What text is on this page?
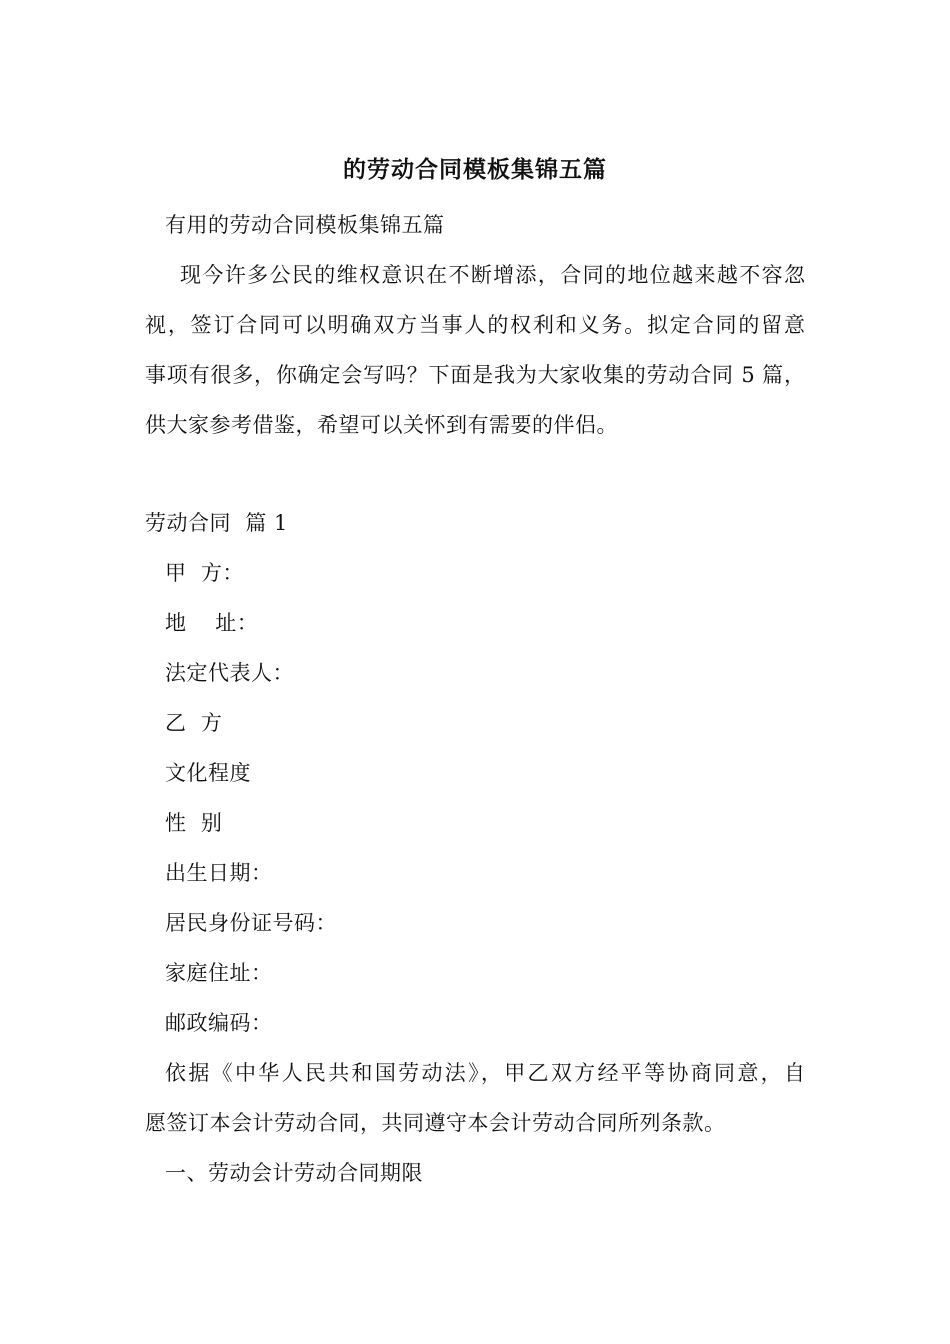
的劳动合同模板集锦五篇
有用的劳动合同模板集锦五篇
现今许多公民的维权意识在不断增添，合同的地位越来越不容忽
视，签订合同可以明确双方当事人的权利和义务。拟定合同的留意
事项有很多，你确定会写吗？下面是我为大家收集的劳动合同 5 篇，
供大家参考借鉴，希望可以关怀到有需要的伴侣。
劳动合同  篇 1
甲  方：
地    址：
法定代表人：
乙  方
文化程度
性  别
出生日期：
居民身份证号码：
家庭住址：
邮政编码：
依据《中华人民共和国劳动法》，甲乙双方经平等协商同意，自
愿签订本会计劳动合同，共同遵守本会计劳动合同所列条款。
一、劳动会计劳动合同期限
